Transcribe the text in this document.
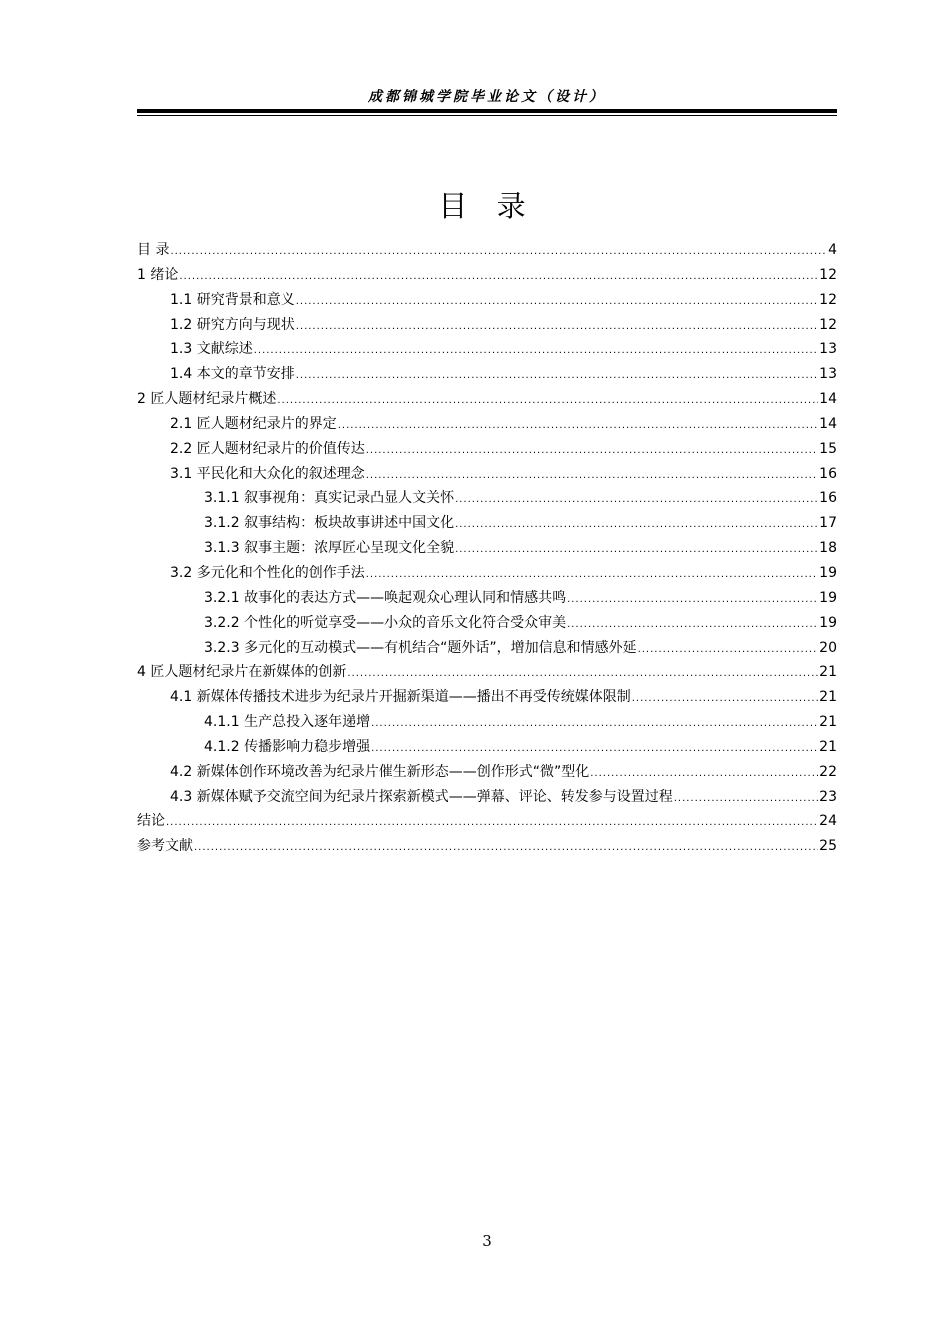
成都锦城学院毕业论文（设计）
目 录
目 录 .....	4
1 绪论 .....	12
1.1 研究背景和意义 .....	12
1.2 研究方向与现状 .....	12
1.3 文献综述 .....	13
1.4 本文的章节安排 .....	13
2 匠人题材纪录片概述 .....	14
2.1 匠人题材纪录片的界定 .....	14
2.2 匠人题材纪录片的价值传达 .....	15
3.1 平民化和大众化的叙述理念 .....	16
3.1.1 叙事视角：真实记录凸显人文关怀 .....	16
3.1.2 叙事结构：板块故事讲述中国文化 .....	17
3.1.3 叙事主题：浓厚匠心呈现文化全貌 .....	18
3.2 多元化和个性化的创作手法 .....	19
3.2.1 故事化的表达方式——唤起观众心理认同和情感共鸣 .....	19
3.2.2 个性化的听觉享受——小众的音乐文化符合受众审美 .....	19
3.2.3 多元化的互动模式——有机结合“题外话”，增加信息和情感外延 .....	20
4 匠人题材纪录片在新媒体的创新 .....	21
4.1 新媒体传播技术进步为纪录片开掘新渠道——播出不再受传统媒体限制 .....	21
4.1.1 生产总投入逐年递增 .....	21
4.1.2 传播影响力稳步增强 .....	21
4.2 新媒体创作环境改善为纪录片催生新形态——创作形式“微”型化 .....	22
4.3 新媒体赋予交流空间为纪录片探索新模式——弹幕、评论、转发参与设置过程 .....	23
结论 .....	24
参考文献 .....	25
3
